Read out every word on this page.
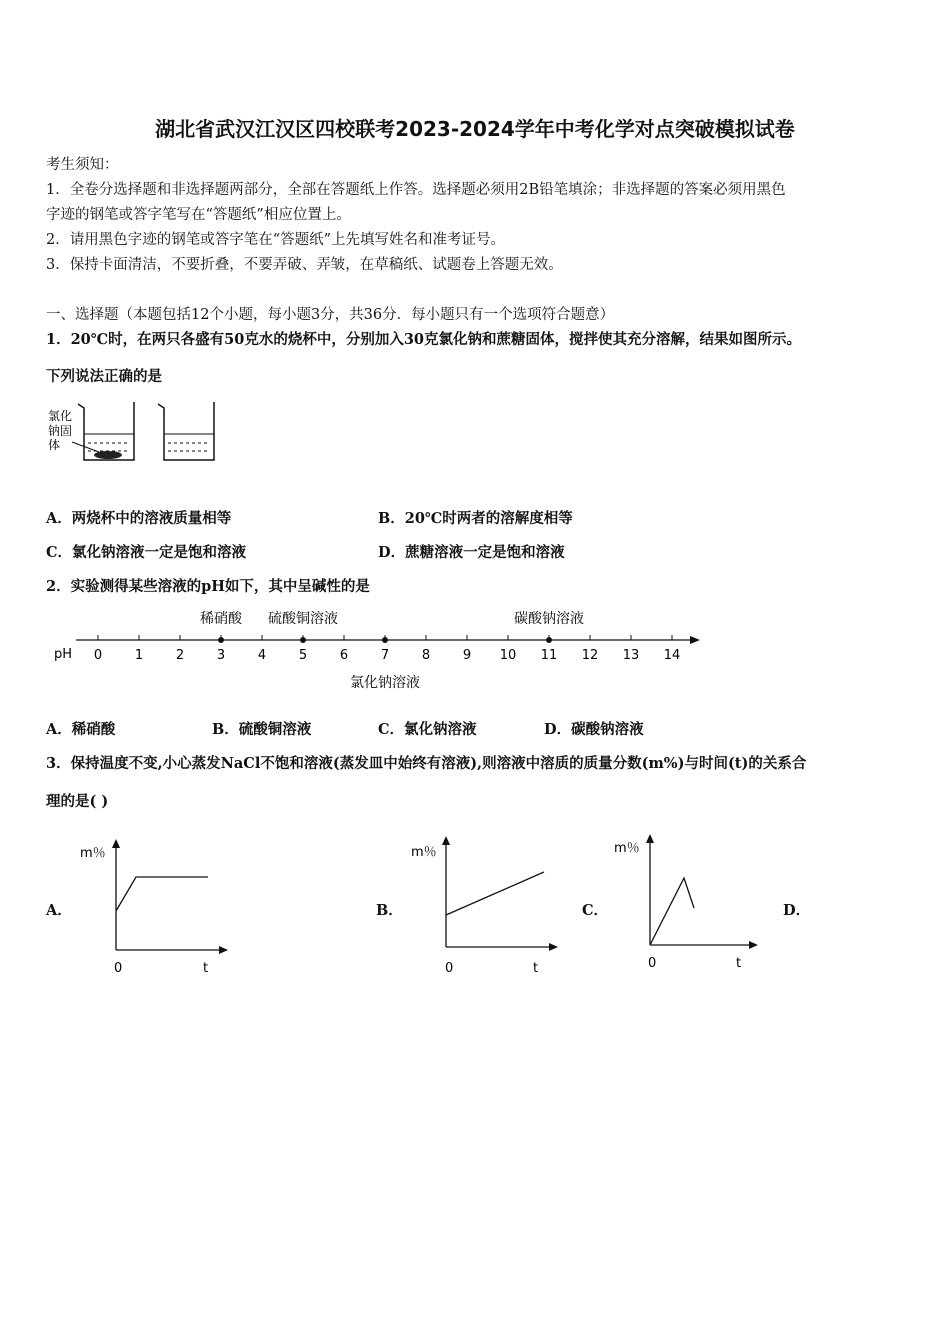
湖北省武汉江汉区四校联考2023-2024学年中考化学对点突破模拟试卷
考生须知：
1．全卷分选择题和非选择题两部分，全部在答题纸上作答。选择题必须用2B铅笔填涂；非选择题的答案必须用黑色
字迹的钢笔或答字笔写在“答题纸”相应位置上。
2．请用黑色字迹的钢笔或答字笔在“答题纸”上先填写姓名和准考证号。
3．保持卡面清洁，不要折叠，不要弄破、弄皱，在草稿纸、试题卷上答题无效。
一、选择题（本题包括12个小题，每小题3分，共36分．每小题只有一个选项符合题意）
1．20℃时，在两只各盛有50克水的烧杯中，分别加入30克氯化钠和蔗糖固体，搅拌使其充分溶解，结果如图所示。
下列说法正确的是
氯化
钠固
体
A．两烧杯中的溶液质量相等	B．20℃时两者的溶解度相等
C．氯化钠溶液一定是饱和溶液	D．蔗糖溶液一定是饱和溶液
2．实验测得某些溶液的pH如下，其中呈碱性的是
pH 0	1	2	3	4	5	6	7	8	9 10 11 12 13 14
稀硝酸 硫酸铜溶液
氯化钠溶液
碳酸钠溶液
A．稀硝酸	B．硫酸铜溶液	C．氯化钠溶液	D．碳酸钠溶液
3．保持温度不变,小心蒸发NaCl不饱和溶液(蒸发皿中始终有溶液),则溶液中溶质的质量分数(m%)与时间(t)的关系合
理的是( )
A．
m％
0	t
B．
m％
0	t
C．
m％
0	t
D．
